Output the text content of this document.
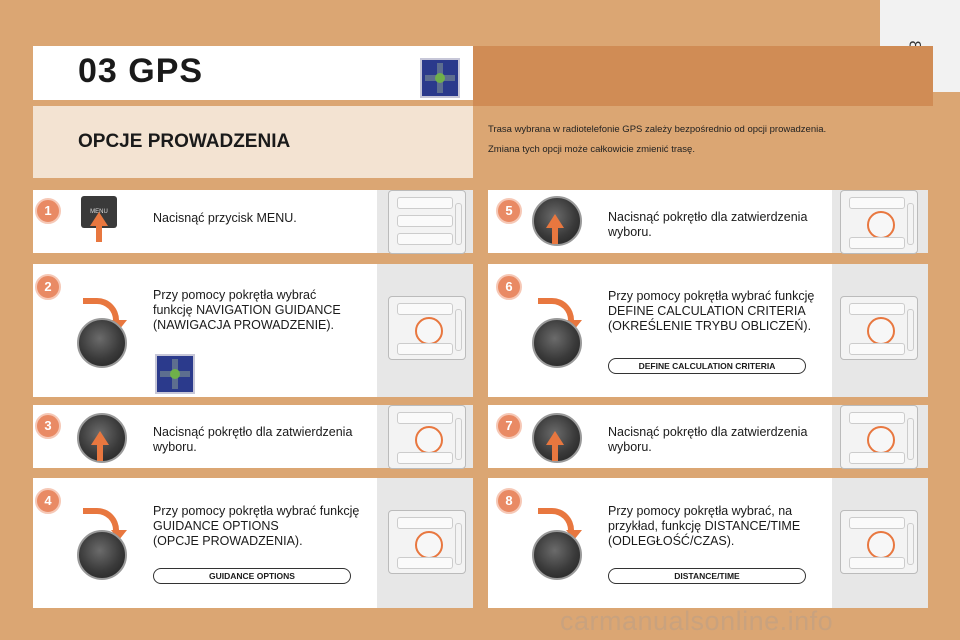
03 GPS
OPCJE PROWADZENIA
Trasa wybrana w radiotelefonie GPS zależy bezpośrednio od opcji prowadzenia.
Zmiana tych opcji może całkowicie zmienić trasę.
1	MENU	Nacisnąć przycisk MENU.
2
Przy pomocy pokrętła wybrać
funkcję NAVIGATION GUIDANCE
(NAWIGACJA PROWADZENIE).
3	Nacisnąć pokrętło dla zatwierdzenia
wyboru.
4
Przy pomocy pokrętła wybrać funkcję
GUIDANCE OPTIONS
(OPCJE PROWADZENIA).
GUIDANCE OPTIONS
5	Nacisnąć pokrętło dla zatwierdzenia
wyboru.
6
Przy pomocy pokrętła wybrać funkcję
DEFINE CALCULATION CRITERIA
(OKREŚLENIE TRYBU OBLICZEŃ).
DEFINE CALCULATION CRITERIA
7	Nacisnąć pokrętło dla zatwierdzenia
wyboru.
8
Przy pomocy pokrętła wybrać, na
przykład, funkcję DISTANCE/TIME
(ODLEGŁOŚĆ/CZAS).
DISTANCE/TIME
carmanualsonline.info
